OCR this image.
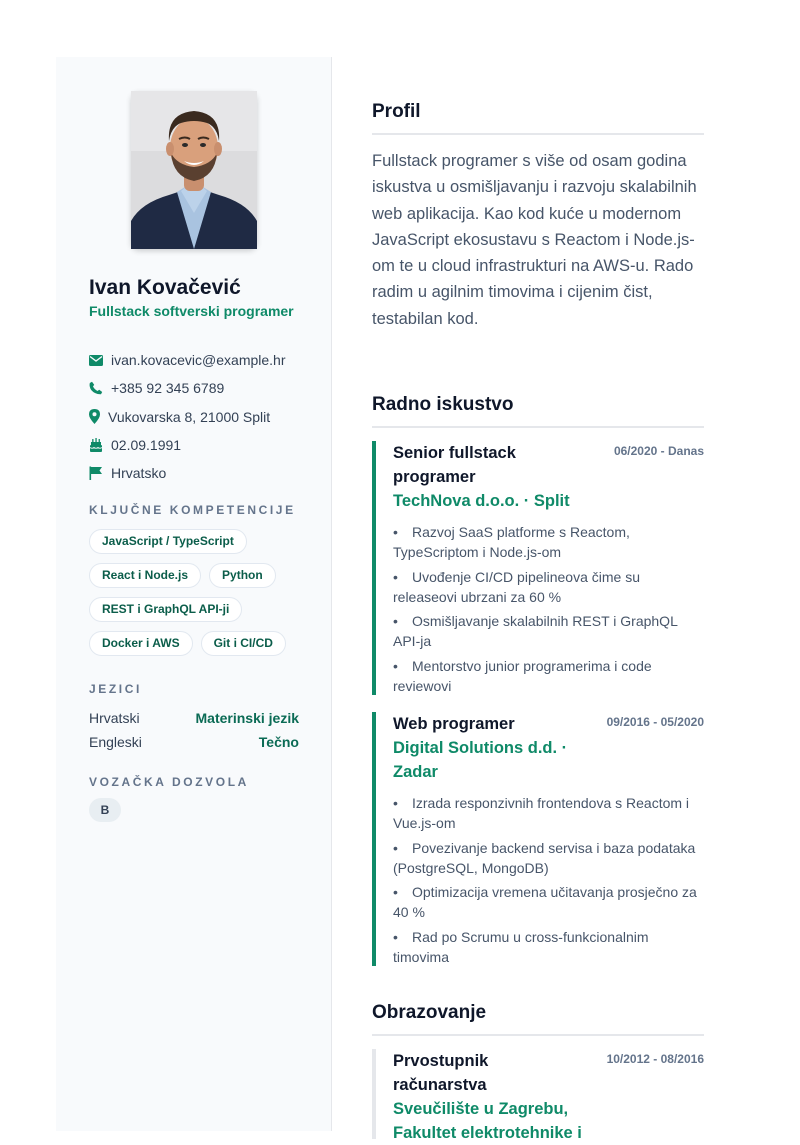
Ivan Kovačević
Fullstack softverski programer
ivan.kovacevic@example.hr
+385 92 345 6789
Vukovarska 8, 21000 Split
02.09.1991
Hrvatsko
KLJUČNE KOMPETENCIJE
JavaScript / TypeScript
React i Node.js	Python
REST i GraphQL API-ji
Docker i AWS	Git i CI/CD
JEZICI
Hrvatski	Materinski jezik
Engleski	Tečno
VOZAČKA DOZVOLA
B
Profil

Fullstack programer s više od osam godina iskustva u osmišljavanju i razvoju skalabilnih web aplikacija. Kao kod kuće u modernom JavaScript ekosustavu s Reactom i Node.js-om te u cloud infrastrukturi na AWS-u. Rado radim u agilnim timovima i cijenim čist, testabilan kod.

Radno iskustvo
Senior fullstack programer
TechNova d.o.o. · Split
06/2020 - Danas
• Razvoj SaaS platforme s Reactom, TypeScriptom i Node.js-om
• Uvođenje CI/CD pipelineova čime su releaseovi ubrzani za 60 %
• Osmišljavanje skalabilnih REST i GraphQL API-ja
• Mentorstvo junior programerima i code reviewovi
Web programer
Digital Solutions d.d. · Zadar
09/2016 - 05/2020
• Izrada responzivnih frontendova s Reactom i Vue.js-om
• Povezivanje backend servisa i baza podataka (PostgreSQL, MongoDB)
• Optimizacija vremena učitavanja prosječno za 40 %
• Rad po Scrumu u cross-funkcionalnim timovima
Obrazovanje
Prvostupnik računarstva
Sveučilište u Zagrebu, Fakultet elektrotehnike i
10/2012 - 08/2016
